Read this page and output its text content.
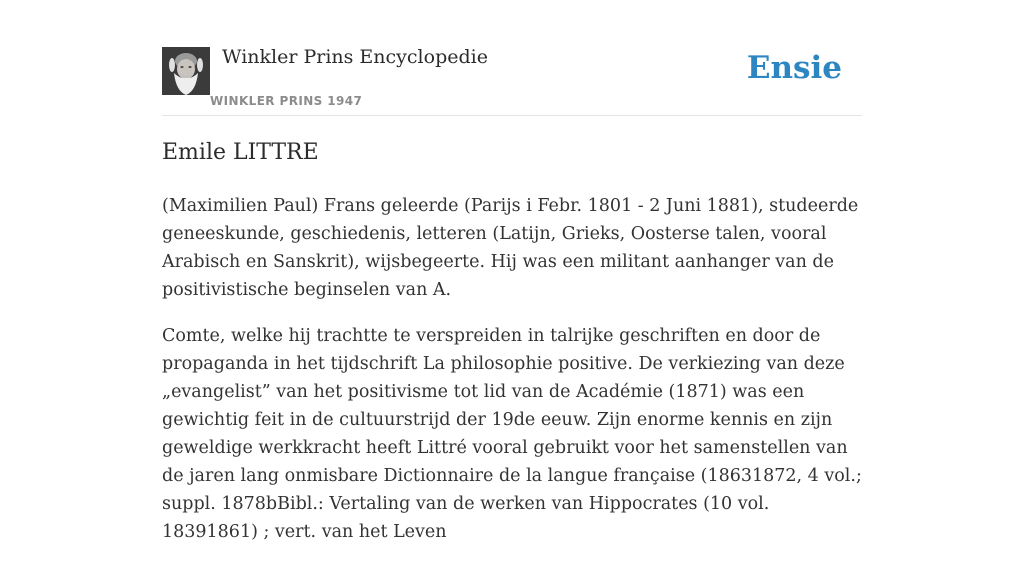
Winkler Prins Encyclopedie
WINKLER PRINS 1947
Ensie
Emile LITTRE

(Maximilien Paul) Frans geleerde (Parijs i Febr. 1801 - 2 Juni 1881), studeerde geneeskunde, geschiedenis, letteren (Latijn, Grieks, Oosterse talen, vooral Arabisch en Sanskrit), wijsbegeerte. Hij was een militant aanhanger van de positivistische beginselen van A.

Comte, welke hij trachtte te verspreiden in talrijke geschriften en door de propaganda in het tijdschrift La philosophie positive. De verkiezing van deze „evangelist” van het positivisme tot lid van de Académie (1871) was een gewichtig feit in de cultuurstrijd der 19de eeuw. Zijn enorme kennis en zijn geweldige werkkracht heeft Littré vooral gebruikt voor het samenstellen van de jaren lang onmisbare Dictionnaire de la langue française (18631872, 4 vol.; suppl. 1878bBibl.: Vertaling van de werken van Hippocrates (10 vol. 18391861) ; vert. van het Leven
